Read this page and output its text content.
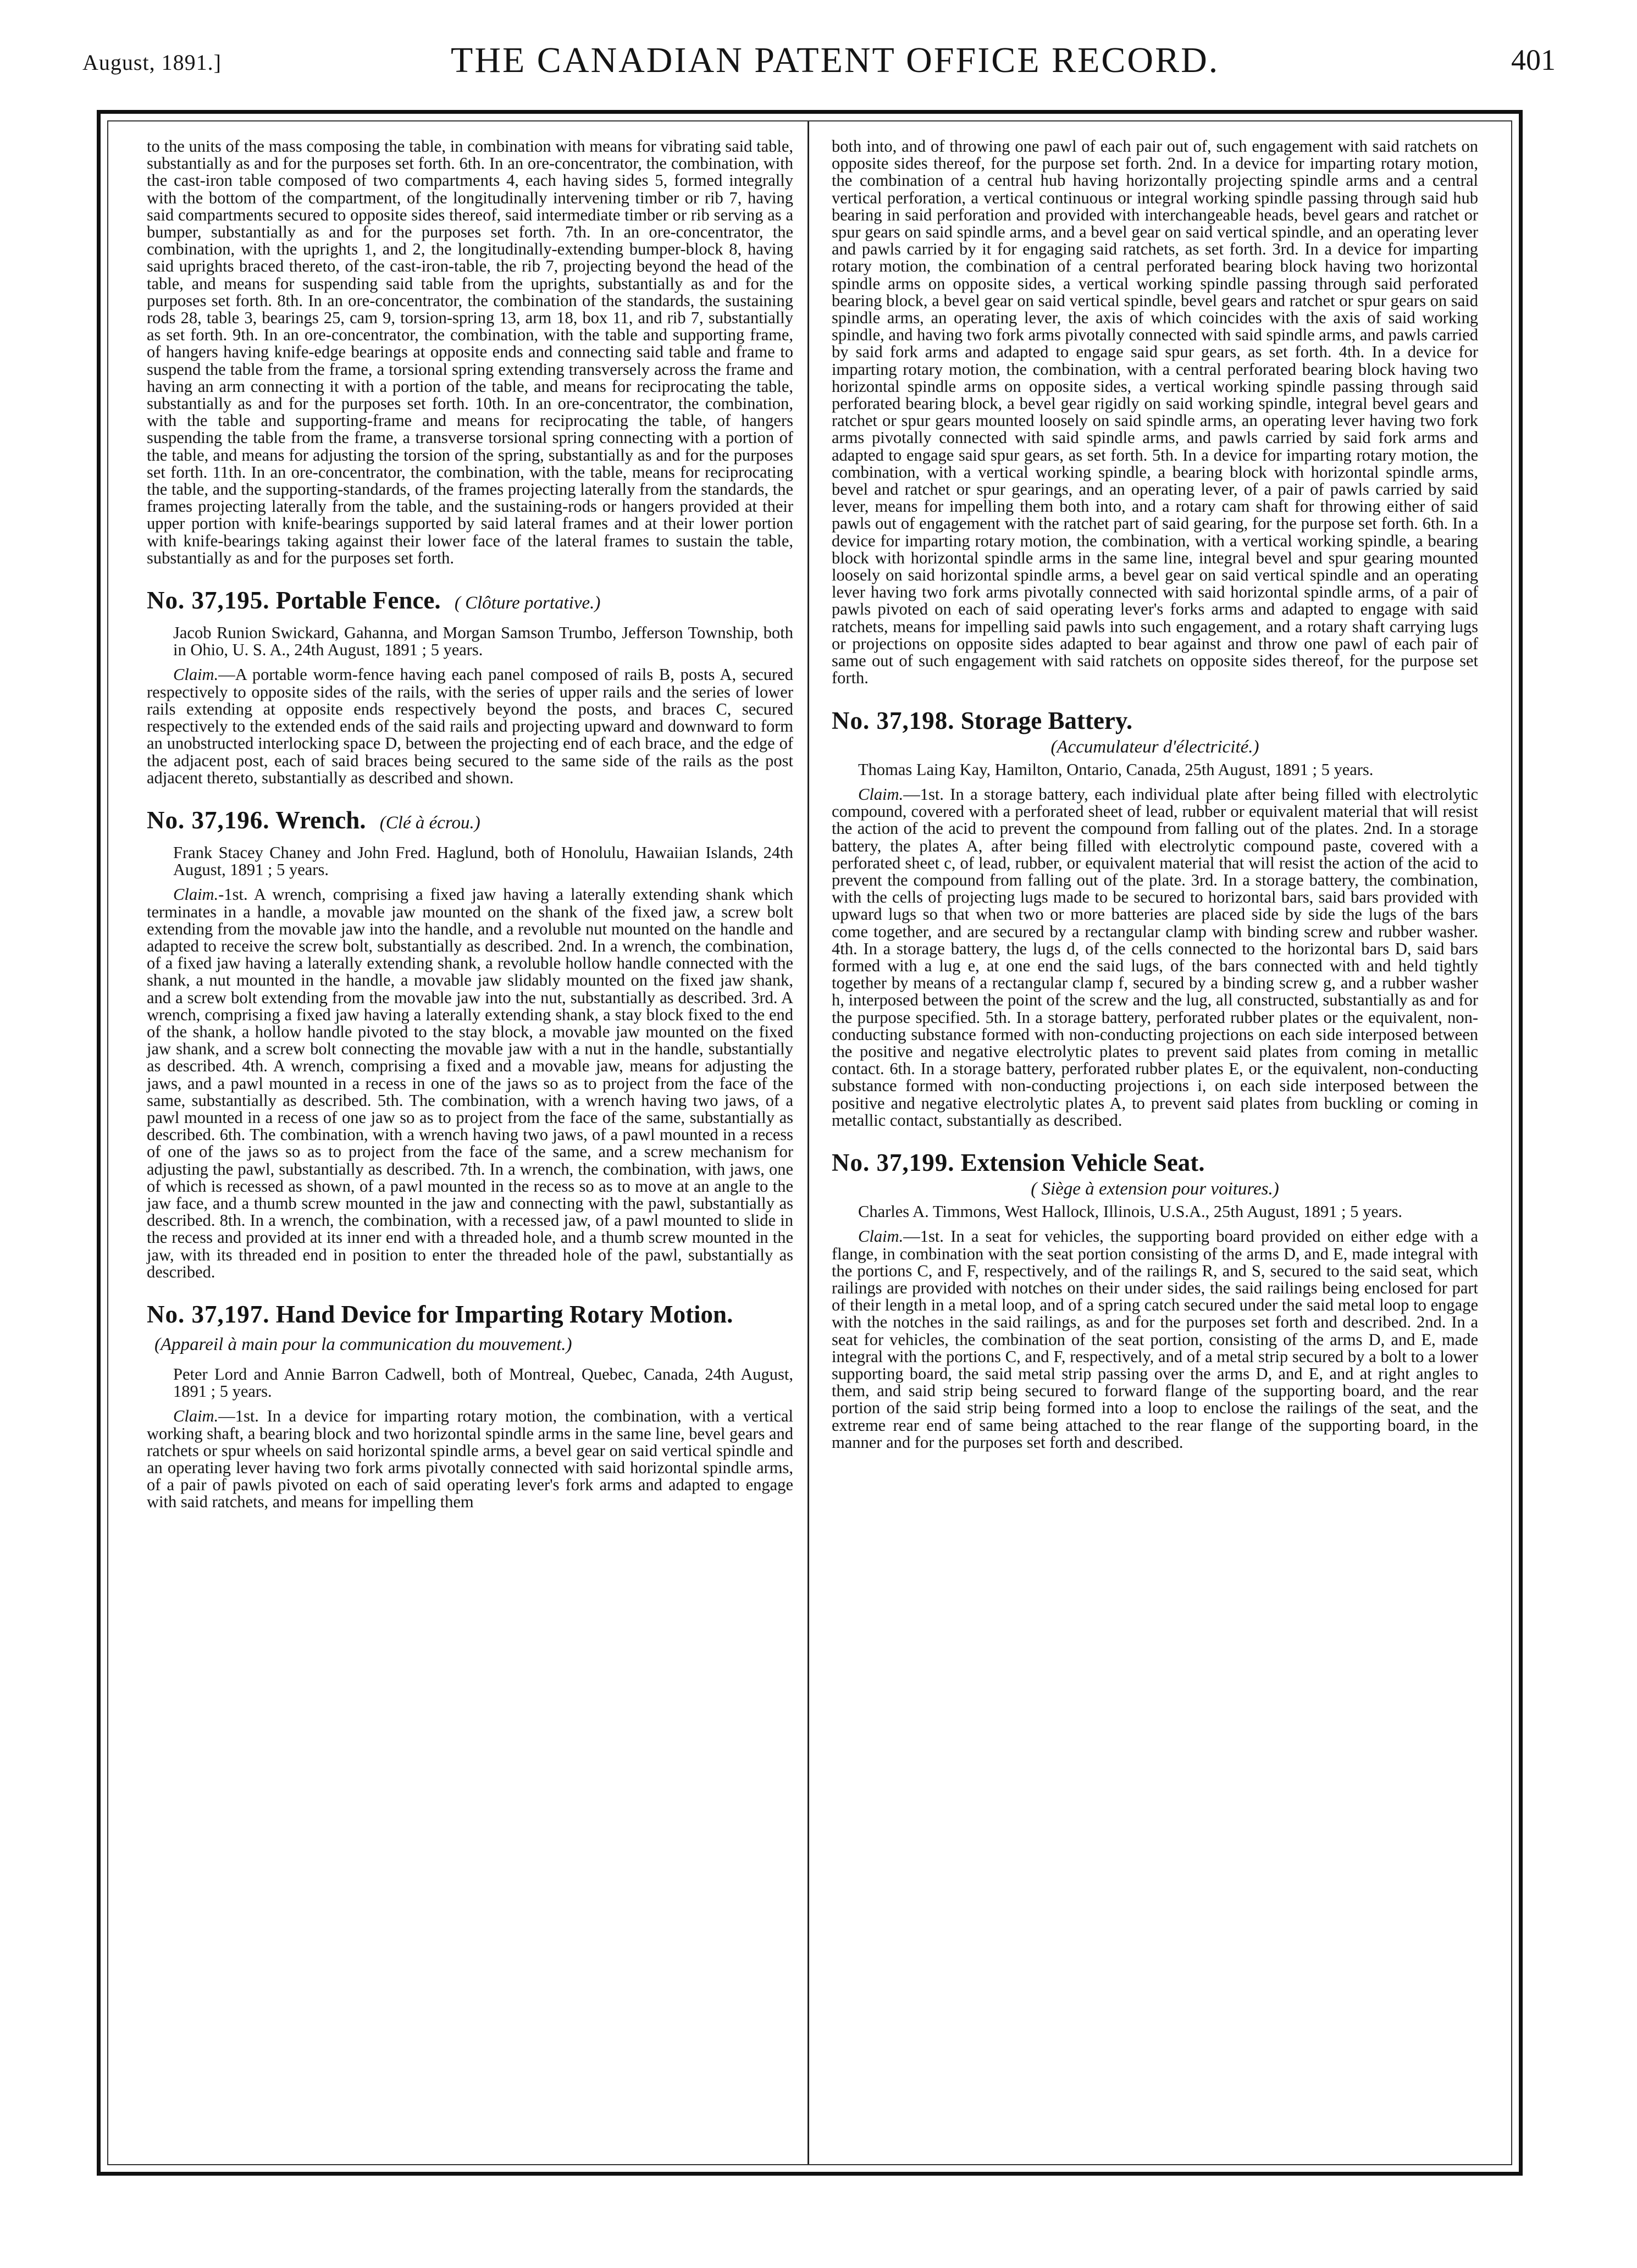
August, 1891.]	THE CANADIAN PATENT OFFICE RECORD.	401

to the units of the mass composing the table, in combination with means for vibrating said table, substantially as and for the purposes set forth. 6th. In an ore-concentrator, the combination, with the cast-iron table composed of two compartments 4, each having sides 5, formed integrally with the bottom of the compartment, of the longitudinally intervening timber or rib 7, having said compartments secured to opposite sides thereof, said intermediate timber or rib serving as a bumper, substantially as and for the purposes set forth. 7th. In an ore-concentrator, the combination, with the uprights 1, and 2, the longitudinally-extending bumper-block 8, having said uprights braced thereto, of the cast-iron-table, the rib 7, projecting beyond the head of the table, and means for suspending said table from the uprights, substantially as and for the purposes set forth. 8th. In an ore-concentrator, the combination of the standards, the sustaining rods 28, table 3, bearings 25, cam 9, torsion-spring 13, arm 18, box 11, and rib 7, substantially as set forth. 9th. In an ore-concentrator, the combination, with the table and supporting frame, of hangers having knife-edge bearings at opposite ends and connecting said table and frame to suspend the table from the frame, a torsional spring extending transversely across the frame and having an arm connecting it with a portion of the table, and means for reciprocating the table, substantially as and for the purposes set forth. 10th. In an ore-concentrator, the combination, with the table and supporting-frame and means for reciprocating the table, of hangers suspending the table from the frame, a transverse torsional spring connecting with a portion of the table, and means for adjusting the torsion of the spring, substantially as and for the purposes set forth. 11th. In an ore-concentrator, the combination, with the table, means for reciprocating the table, and the supporting-standards, of the frames projecting laterally from the standards, the frames projecting laterally from the table, and the sustaining-rods or hangers provided at their upper portion with knife-bearings supported by said lateral frames and at their lower portion with knife-bearings taking against their lower face of the lateral frames to sustain the table, substantially as and for the purposes set forth.

No. 37,195. Portable Fence. ( Clôture portative.)

Jacob Runion Swickard, Gahanna, and Morgan Samson Trumbo, Jefferson Township, both in Ohio, U. S. A., 24th August, 1891 ; 5 years.

Claim.—A portable worm-fence having each panel composed of rails B, posts A, secured respectively to opposite sides of the rails, with the series of upper rails and the series of lower rails extending at opposite ends respectively beyond the posts, and braces C, secured respectively to the extended ends of the said rails and projecting upward and downward to form an unobstructed interlocking space D, between the projecting end of each brace, and the edge of the adjacent post, each of said braces being secured to the same side of the rails as the post adjacent thereto, substantially as described and shown.

No. 37,196. Wrench. (Clé à écrou.)

Frank Stacey Chaney and John Fred. Haglund, both of Honolulu, Hawaiian Islands, 24th August, 1891 ; 5 years.

Claim.-1st. A wrench, comprising a fixed jaw having a laterally extending shank which terminates in a handle, a movable jaw mounted on the shank of the fixed jaw, a screw bolt extending from the movable jaw into the handle, and a revoluble nut mounted on the handle and adapted to receive the screw bolt, substantially as described. 2nd. In a wrench, the combination, of a fixed jaw having a laterally extending shank, a revoluble hollow handle connected with the shank, a nut mounted in the handle, a movable jaw slidably mounted on the fixed jaw shank, and a screw bolt extending from the movable jaw into the nut, substantially as described. 3rd. A wrench, comprising a fixed jaw having a laterally extending shank, a stay block fixed to the end of the shank, a hollow handle pivoted to the stay block, a movable jaw mounted on the fixed jaw shank, and a screw bolt connecting the movable jaw with a nut in the handle, substantially as described. 4th. A wrench, comprising a fixed and a movable jaw, means for adjusting the jaws, and a pawl mounted in a recess in one of the jaws so as to project from the face of the same, substantially as described. 5th. The combination, with a wrench having two jaws, of a pawl mounted in a recess of one jaw so as to project from the face of the same, substantially as described. 6th. The combination, with a wrench having two jaws, of a pawl mounted in a recess of one of the jaws so as to project from the face of the same, and a screw mechanism for adjusting the pawl, substantially as described. 7th. In a wrench, the combination, with jaws, one of which is recessed as shown, of a pawl mounted in the recess so as to move at an angle to the jaw face, and a thumb screw mounted in the jaw and connecting with the pawl, substantially as described. 8th. In a wrench, the combination, with a recessed jaw, of a pawl mounted to slide in the recess and provided at its inner end with a threaded hole, and a thumb screw mounted in the jaw, with its threaded end in position to enter the threaded hole of the pawl, substantially as described.

No. 37,197. Hand Device for Imparting Rotary Motion. (Appareil à main pour la communication du mouvement.)

Peter Lord and Annie Barron Cadwell, both of Montreal, Quebec, Canada, 24th August, 1891 ; 5 years.

Claim.—1st. In a device for imparting rotary motion, the combination, with a vertical working shaft, a bearing block and two horizontal spindle arms in the same line, bevel gears and ratchets or spur wheels on said horizontal spindle arms, a bevel gear on said vertical spindle and an operating lever having two fork arms pivotally connected with said horizontal spindle arms, of a pair of pawls pivoted on each of said operating lever's fork arms and adapted to engage with said ratchets, and means for impelling them

both into, and of throwing one pawl of each pair out of, such engagement with said ratchets on opposite sides thereof, for the purpose set forth. 2nd. In a device for imparting rotary motion, the combination of a central hub having horizontally projecting spindle arms and a central vertical perforation, a vertical continuous or integral working spindle passing through said hub bearing in said perforation and provided with interchangeable heads, bevel gears and ratchet or spur gears on said spindle arms, and a bevel gear on said vertical spindle, and an operating lever and pawls carried by it for engaging said ratchets, as set forth. 3rd. In a device for imparting rotary motion, the combination of a central perforated bearing block having two horizontal spindle arms on opposite sides, a vertical working spindle passing through said perforated bearing block, a bevel gear on said vertical spindle, bevel gears and ratchet or spur gears on said spindle arms, an operating lever, the axis of which coincides with the axis of said working spindle, and having two fork arms pivotally connected with said spindle arms, and pawls carried by said fork arms and adapted to engage said spur gears, as set forth. 4th. In a device for imparting rotary motion, the combination, with a central perforated bearing block having two horizontal spindle arms on opposite sides, a vertical working spindle passing through said perforated bearing block, a bevel gear rigidly on said working spindle, integral bevel gears and ratchet or spur gears mounted loosely on said spindle arms, an operating lever having two fork arms pivotally connected with said spindle arms, and pawls carried by said fork arms and adapted to engage said spur gears, as set forth. 5th. In a device for imparting rotary motion, the combination, with a vertical working spindle, a bearing block with horizontal spindle arms, bevel and ratchet or spur gearings, and an operating lever, of a pair of pawls carried by said lever, means for impelling them both into, and a rotary cam shaft for throwing either of said pawls out of engagement with the ratchet part of said gearing, for the purpose set forth. 6th. In a device for imparting rotary motion, the combination, with a vertical working spindle, a bearing block with horizontal spindle arms in the same line, integral bevel and spur gearing mounted loosely on said horizontal spindle arms, a bevel gear on said vertical spindle and an operating lever having two fork arms pivotally connected with said horizontal spindle arms, of a pair of pawls pivoted on each of said operating lever's forks arms and adapted to engage with said ratchets, means for impelling said pawls into such engagement, and a rotary shaft carrying lugs or projections on opposite sides adapted to bear against and throw one pawl of each pair of same out of such engagement with said ratchets on opposite sides thereof, for the purpose set forth.

No. 37,198. Storage Battery.
(Accumulateur d'électricité.)

Thomas Laing Kay, Hamilton, Ontario, Canada, 25th August, 1891 ; 5 years.

Claim.—1st. In a storage battery, each individual plate after being filled with electrolytic compound, covered with a perforated sheet of lead, rubber or equivalent material that will resist the action of the acid to prevent the compound from falling out of the plates. 2nd. In a storage battery, the plates A, after being filled with electrolytic compound paste, covered with a perforated sheet c, of lead, rubber, or equivalent material that will resist the action of the acid to prevent the compound from falling out of the plate. 3rd. In a storage battery, the combination, with the cells of projecting lugs made to be secured to horizontal bars, said bars provided with upward lugs so that when two or more batteries are placed side by side the lugs of the bars come together, and are secured by a rectangular clamp with binding screw and rubber washer. 4th. In a storage battery, the lugs d, of the cells connected to the horizontal bars D, said bars formed with a lug e, at one end the said lugs, of the bars connected with and held tightly together by means of a rectangular clamp f, secured by a binding screw g, and a rubber washer h, interposed between the point of the screw and the lug, all constructed, substantially as and for the purpose specified. 5th. In a storage battery, perforated rubber plates or the equivalent, non-conducting substance formed with non-conducting projections on each side interposed between the positive and negative electrolytic plates to prevent said plates from coming in metallic contact. 6th. In a storage battery, perforated rubber plates E, or the equivalent, non-conducting substance formed with non-conducting projections i, on each side interposed between the positive and negative electrolytic plates A, to prevent said plates from buckling or coming in metallic contact, substantially as described.

No. 37,199. Extension Vehicle Seat.
( Siège à extension pour voitures.)

Charles A. Timmons, West Hallock, Illinois, U.S.A., 25th August, 1891 ; 5 years.

Claim.—1st. In a seat for vehicles, the supporting board provided on either edge with a flange, in combination with the seat portion consisting of the arms D, and E, made integral with the portions C, and F, respectively, and of the railings R, and S, secured to the said seat, which railings are provided with notches on their under sides, the said railings being enclosed for part of their length in a metal loop, and of a spring catch secured under the said metal loop to engage with the notches in the said railings, as and for the purposes set forth and described. 2nd. In a seat for vehicles, the combination of the seat portion, consisting of the arms D, and E, made integral with the portions C, and F, respectively, and of a metal strip secured by a bolt to a lower supporting board, the said metal strip passing over the arms D, and E, and at right angles to them, and said strip being secured to forward flange of the supporting board, and the rear portion of the said strip being formed into a loop to enclose the railings of the seat, and the extreme rear end of same being attached to the rear flange of the supporting board, in the manner and for the purposes set forth and described.
